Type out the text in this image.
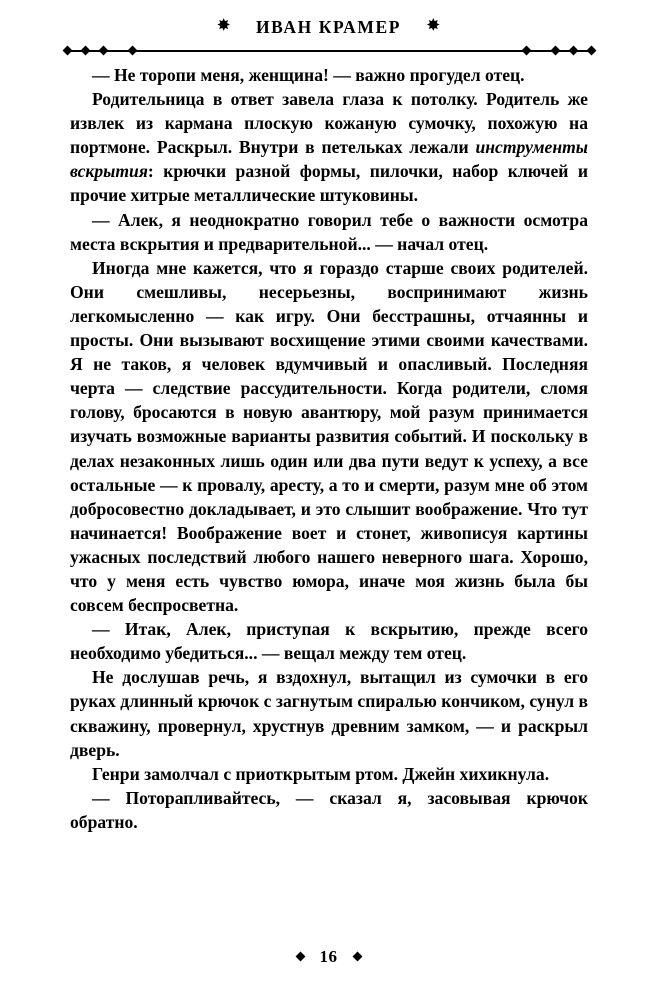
✸ ИВАН КРАМЕР ✸

— Не торопи меня, женщина! — важно прогудел отец.

Родительница в ответ завела глаза к потолку. Родитель же извлек из кармана плоскую кожаную сумочку, похожую на портмоне. Раскрыл. Внутри в петельках лежали инструменты вскрытия: крючки разной формы, пилочки, набор ключей и прочие хитрые металлические штуковины.

— Алек, я неоднократно говорил тебе о важности осмотра места вскрытия и предварительной... — начал отец.

Иногда мне кажется, что я гораздо старше своих родителей. Они смешливы, несерьезны, воспринимают жизнь легкомысленно — как игру. Они бесстрашны, отчаянны и просты. Они вызывают восхищение этими своими качествами. Я не таков, я человек вдумчивый и опасливый. Последняя черта — следствие рассудительности. Когда родители, сломя голову, бросаются в новую авантюру, мой разум принимается изучать возможные варианты развития событий. И поскольку в делах незаконных лишь один или два пути ведут к успеху, а все остальные — к провалу, аресту, а то и смерти, разум мне об этом добросовестно докладывает, и это слышит воображение. Что тут начинается! Воображение воет и стонет, живописуя картины ужасных последствий любого нашего неверного шага. Хорошо, что у меня есть чувство юмора, иначе моя жизнь была бы совсем беспросветна.

— Итак, Алек, приступая к вскрытию, прежде всего необходимо убедиться... — вещал между тем отец.

Не дослушав речь, я вздохнул, вытащил из сумочки в его руках длинный крючок с загнутым спиралью кончиком, сунул в скважину, провернул, хрустнув древним замком, — и раскрыл дверь.

Генри замолчал с приоткрытым ртом. Джейн хихикнула.

— Поторапливайтесь, — сказал я, засовывая крючок обратно.

16
